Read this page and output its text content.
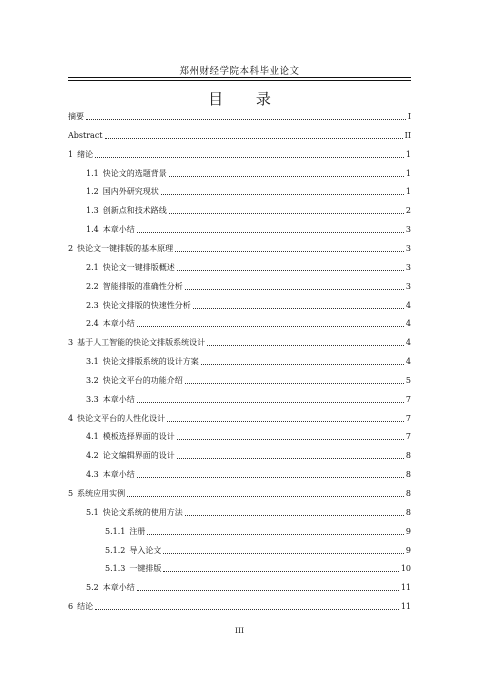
郑州财经学院本科毕业论文
目 录
摘要	I
Abstract	II
1 绪论	1
1.1 快论文的选题背景	1
1.2 国内外研究现状	1
1.3 创新点和技术路线	2
1.4 本章小结	3
2 快论文一键排版的基本原理	3
2.1 快论文一键排版概述	3
2.2 智能排版的准确性分析	3
2.3 快论文排版的快速性分析	4
2.4 本章小结	4
3 基于人工智能的快论文排版系统设计	4
3.1 快论文排版系统的设计方案	4
3.2 快论文平台的功能介绍	5
3.3 本章小结	7
4 快论文平台的人性化设计	7
4.1 模板选择界面的设计	7
4.2 论文编辑界面的设计	8
4.3 本章小结	8
5 系统应用实例	8
5.1 快论文系统的使用方法	8
5.1.1 注册	9
5.1.2 导入论文	9
5.1.3 一键排版	10
5.2 本章小结	11
6 结论	11
III
